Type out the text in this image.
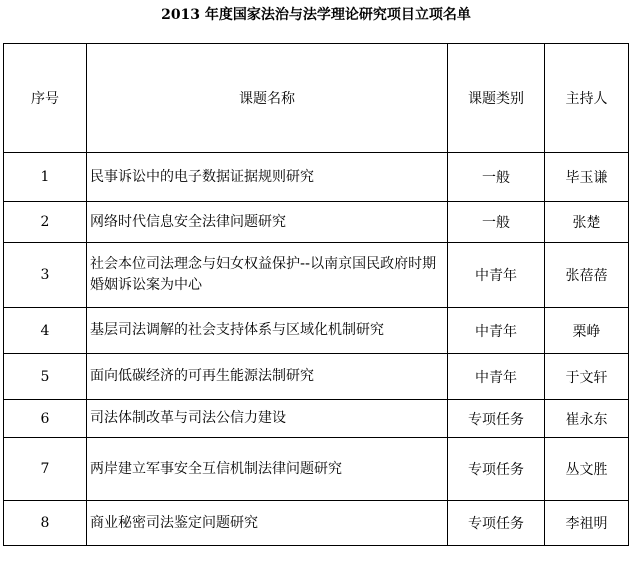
2013 年度国家法治与法学理论研究项目立项名单
序号	课题名称	课题类别	主持人
1	民事诉讼中的电子数据证据规则研究	一般	毕玉谦
2	网络时代信息安全法律问题研究	一般	张楚
3	社会本位司法理念与妇女权益保护--以南京国民政府时期婚姻诉讼案为中心	中青年	张蓓蓓
4	基层司法调解的社会支持体系与区域化机制研究	中青年	栗峥
5	面向低碳经济的可再生能源法制研究	中青年	于文轩
6	司法体制改革与司法公信力建设	专项任务	崔永东
7	两岸建立军事安全互信机制法律问题研究	专项任务	丛文胜
8	商业秘密司法鉴定问题研究	专项任务	李祖明
